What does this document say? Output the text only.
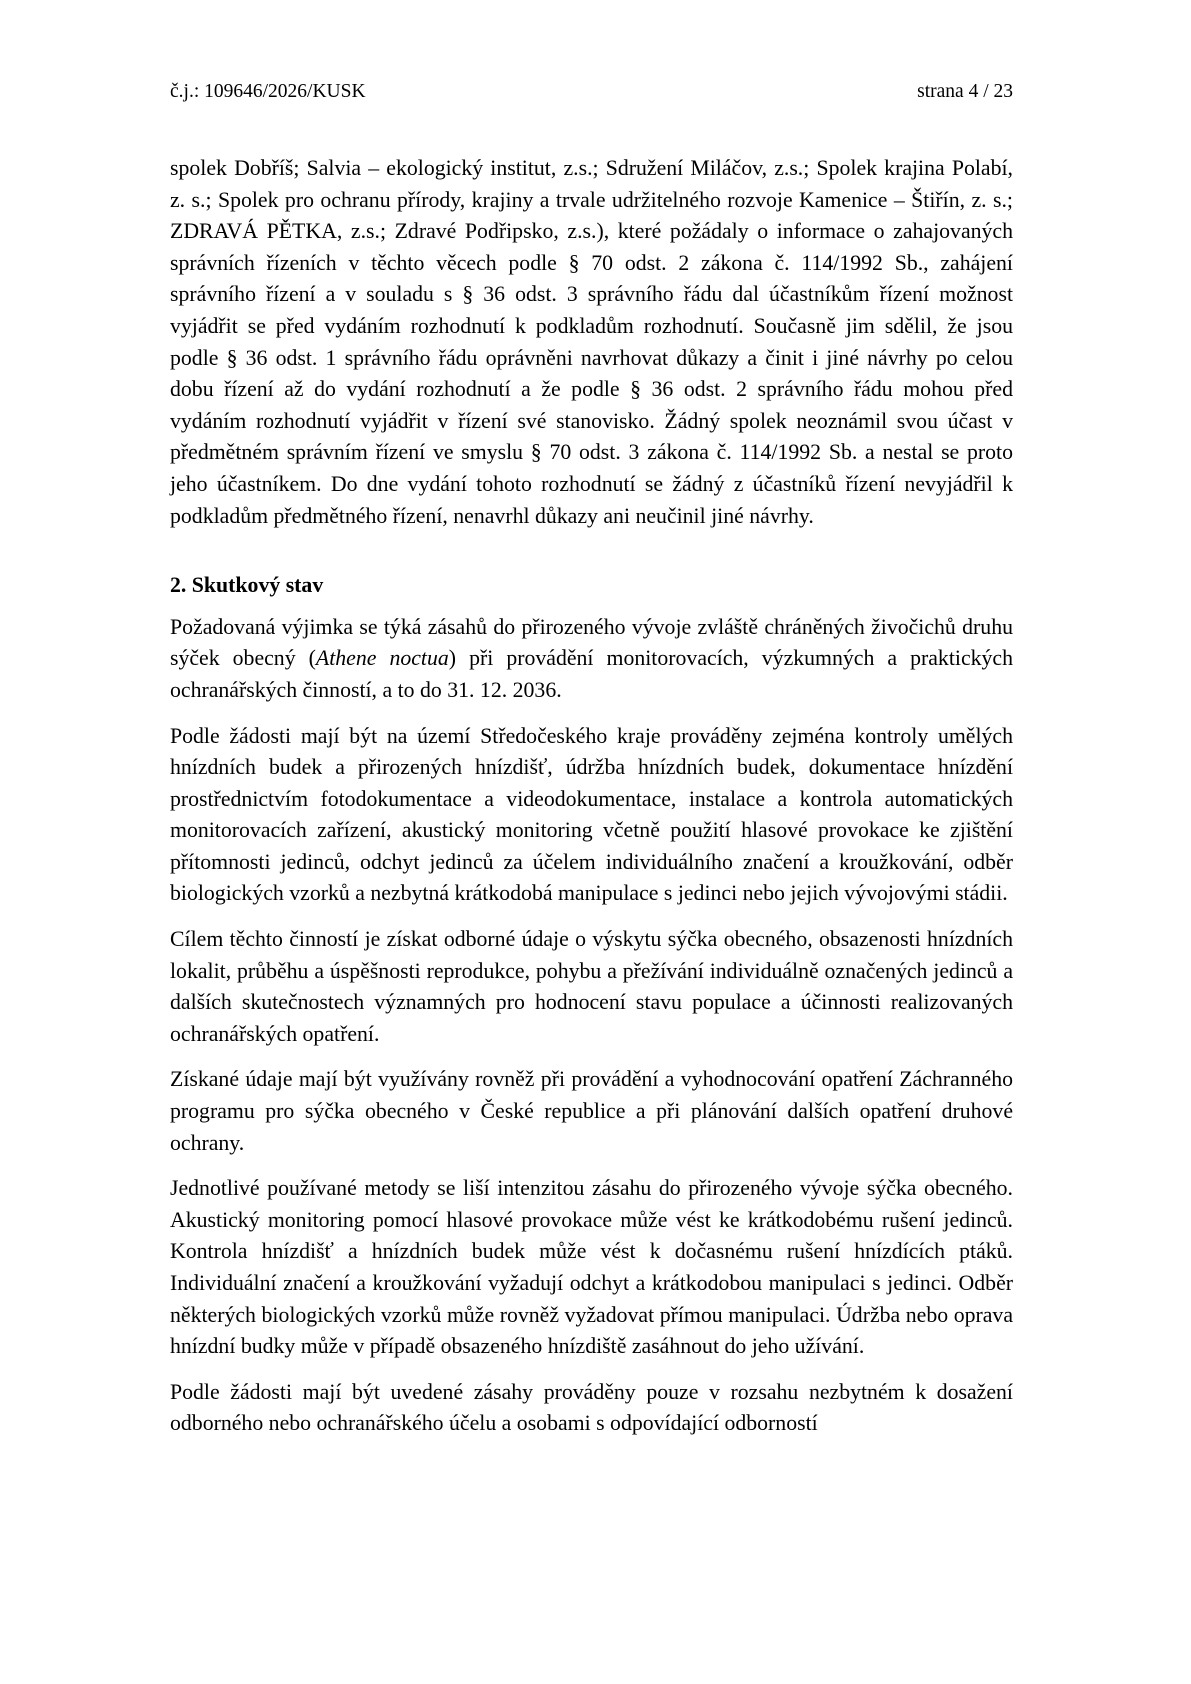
č.j.: 109646/2026/KUSK	strana 4 / 23

spolek Dobříš; Salvia – ekologický institut, z.s.; Sdružení Miláčov, z.s.; Spolek krajina Polabí, z. s.; Spolek pro ochranu přírody, krajiny a trvale udržitelného rozvoje Kamenice – Štiřín, z. s.; ZDRAVÁ PĚTKA, z.s.; Zdravé Podřipsko, z.s.), které požádaly o informace o zahajovaných správních řízeních v těchto věcech podle § 70 odst. 2 zákona č. 114/1992 Sb., zahájení správního řízení a v souladu s § 36 odst. 3 správního řádu dal účastníkům řízení možnost vyjádřit se před vydáním rozhodnutí k podkladům rozhodnutí. Současně jim sdělil, že jsou podle § 36 odst. 1 správního řádu oprávněni navrhovat důkazy a činit i jiné návrhy po celou dobu řízení až do vydání rozhodnutí a že podle § 36 odst. 2 správního řádu mohou před vydáním rozhodnutí vyjádřit v řízení své stanovisko. Žádný spolek neoznámil svou účast v předmětném správním řízení ve smyslu § 70 odst. 3 zákona č. 114/1992 Sb. a nestal se proto jeho účastníkem. Do dne vydání tohoto rozhodnutí se žádný z účastníků řízení nevyjádřil k podkladům předmětného řízení, nenavrhl důkazy ani neučinil jiné návrhy.

2. Skutkový stav

Požadovaná výjimka se týká zásahů do přirozeného vývoje zvláště chráněných živočichů druhu sýček obecný (Athene noctua) při provádění monitorovacích, výzkumných a praktických ochranářských činností, a to do 31. 12. 2036.

Podle žádosti mají být na území Středočeského kraje prováděny zejména kontroly umělých hnízdních budek a přirozených hnízdišť, údržba hnízdních budek, dokumentace hnízdění prostřednictvím fotodokumentace a videodokumentace, instalace a kontrola automatických monitorovacích zařízení, akustický monitoring včetně použití hlasové provokace ke zjištění přítomnosti jedinců, odchyt jedinců za účelem individuálního značení a kroužkování, odběr biologických vzorků a nezbytná krátkodobá manipulace s jedinci nebo jejich vývojovými stádii.

Cílem těchto činností je získat odborné údaje o výskytu sýčka obecného, obsazenosti hnízdních lokalit, průběhu a úspěšnosti reprodukce, pohybu a přežívání individuálně označených jedinců a dalších skutečnostech významných pro hodnocení stavu populace a účinnosti realizovaných ochranářských opatření.

Získané údaje mají být využívány rovněž při provádění a vyhodnocování opatření Záchranného programu pro sýčka obecného v České republice a při plánování dalších opatření druhové ochrany.

Jednotlivé používané metody se liší intenzitou zásahu do přirozeného vývoje sýčka obecného. Akustický monitoring pomocí hlasové provokace může vést ke krátkodobému rušení jedinců. Kontrola hnízdišť a hnízdních budek může vést k dočasnému rušení hnízdících ptáků. Individuální značení a kroužkování vyžadují odchyt a krátkodobou manipulaci s jedinci. Odběr některých biologických vzorků může rovněž vyžadovat přímou manipulaci. Údržba nebo oprava hnízdní budky může v případě obsazeného hnízdiště zasáhnout do jeho užívání.

Podle žádosti mají být uvedené zásahy prováděny pouze v rozsahu nezbytném k dosažení odborného nebo ochranářského účelu a osobami s odpovídající odborností
